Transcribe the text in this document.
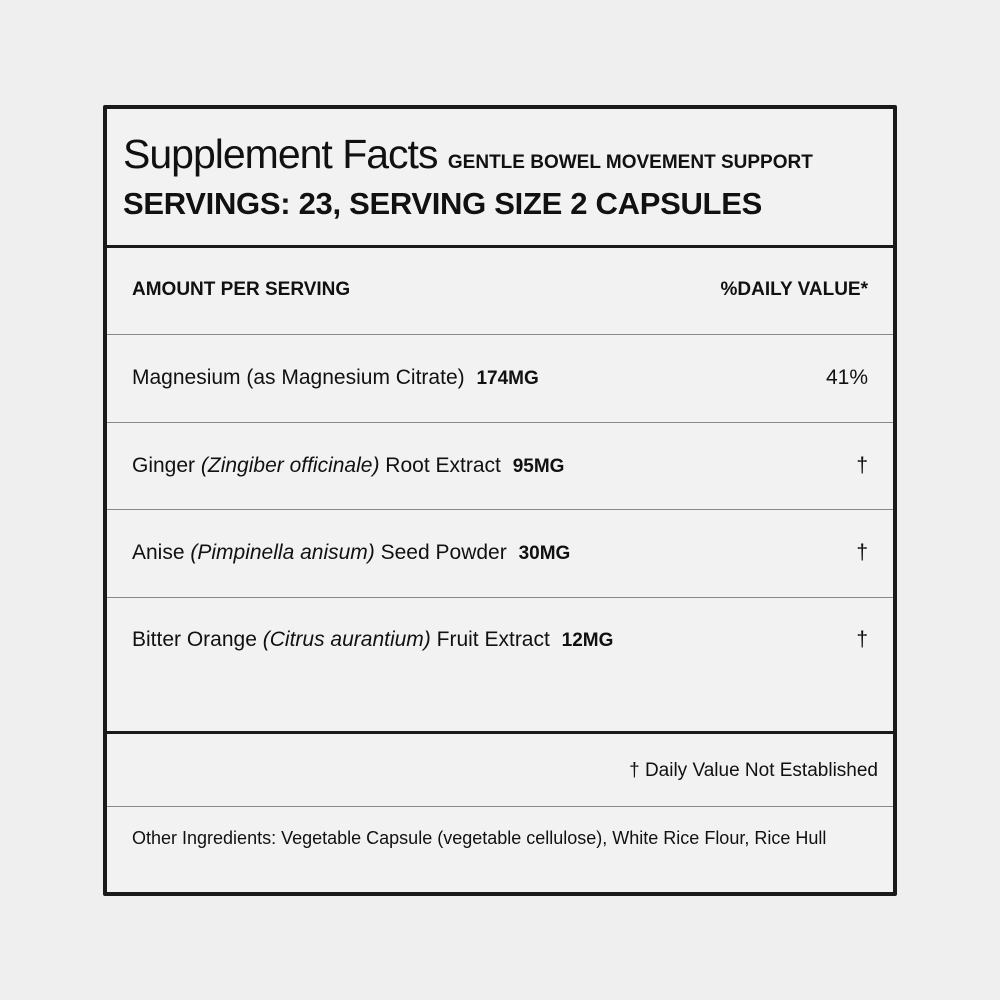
Supplement Facts GENTLE BOWEL MOVEMENT SUPPORT
SERVINGS: 23, SERVING SIZE 2 CAPSULES
AMOUNT PER SERVING	%DAILY VALUE*
Magnesium (as Magnesium Citrate) 174MG	41%
Ginger (Zingiber officinale) Root Extract 95MG	†
Anise (Pimpinella anisum) Seed Powder 30MG	†
Bitter Orange (Citrus aurantium) Fruit Extract 12MG	†
† Daily Value Not Established
Other Ingredients: Vegetable Capsule (vegetable cellulose), White Rice Flour, Rice Hull
